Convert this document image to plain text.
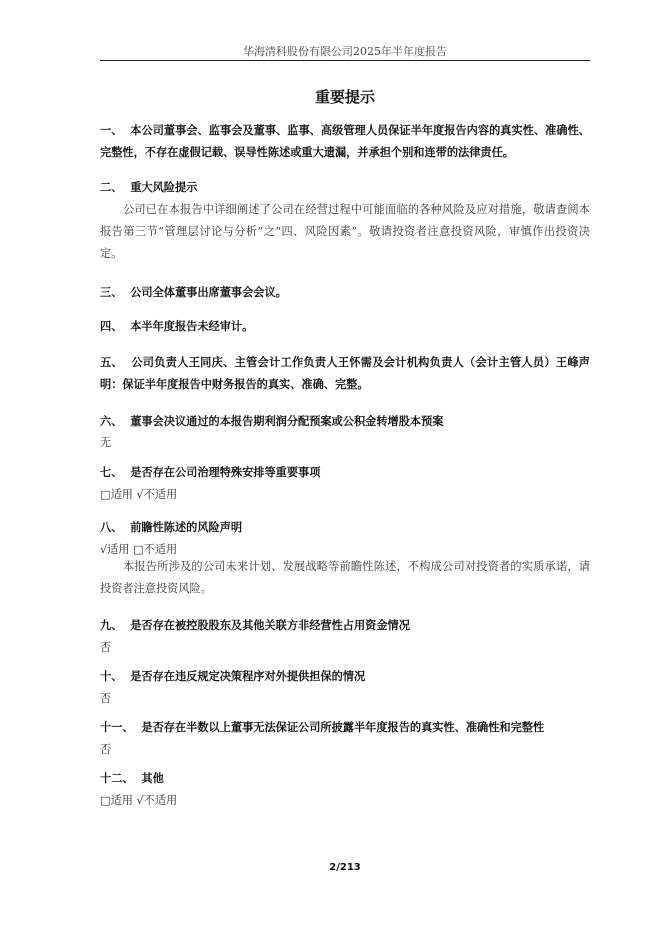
华海清科股份有限公司2025年半年度报告
重要提示
一、 本公司董事会、监事会及董事、监事、高级管理人员保证半年度报告内容的真实性、准确性、完整性，不存在虚假记载、误导性陈述或重大遗漏，并承担个别和连带的法律责任。
二、 重大风险提示
公司已在本报告中详细阐述了公司在经营过程中可能面临的各种风险及应对措施，敬请查阅本报告第三节“管理层讨论与分析”之“四、风险因素”。敬请投资者注意投资风险，审慎作出投资决定。
三、 公司全体董事出席董事会会议。
四、 本半年度报告未经审计。
五、 公司负责人王同庆、主管会计工作负责人王怀需及会计机构负责人（会计主管人员）王峰声明：保证半年度报告中财务报告的真实、准确、完整。
六、 董事会决议通过的本报告期利润分配预案或公积金转增股本预案
无
七、 是否存在公司治理特殊安排等重要事项
□适用 √不适用
八、 前瞻性陈述的风险声明
√适用 □不适用
本报告所涉及的公司未来计划、发展战略等前瞻性陈述，不构成公司对投资者的实质承诺，请投资者注意投资风险。
九、 是否存在被控股股东及其他关联方非经营性占用资金情况
否
十、 是否存在违反规定决策程序对外提供担保的情况
否
十一、 是否存在半数以上董事无法保证公司所披露半年度报告的真实性、准确性和完整性
否
十二、 其他
□适用 √不适用
2/213
